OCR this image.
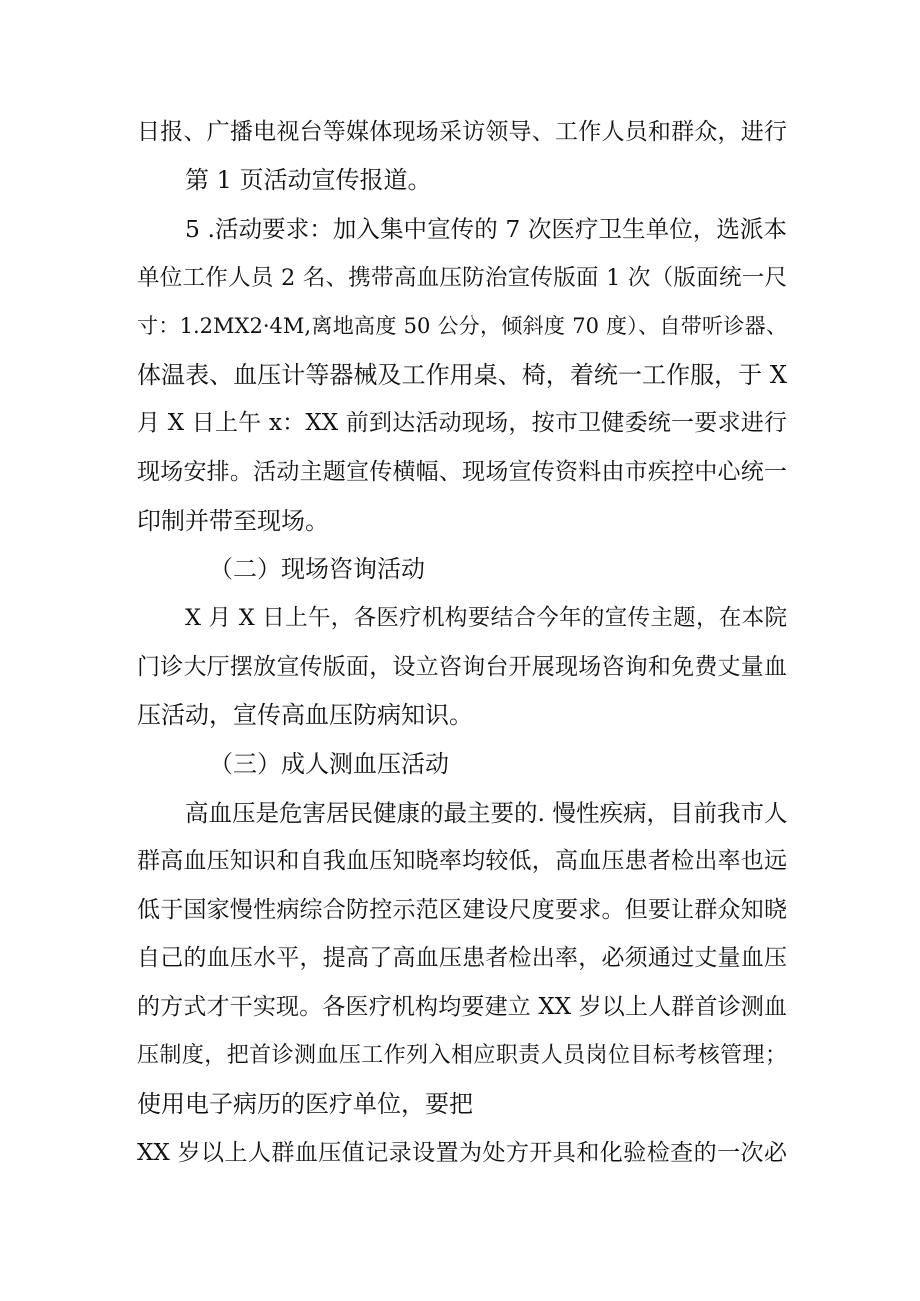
日报、广播电视台等媒体现场采访领导、工作人员和群众，进行
第 1 页活动宣传报道。
5 .活动要求：加入集中宣传的 7 次医疗卫生单位，选派本
单位工作人员 2 名、携带高血压防治宣传版面 1 次（版面统一尺
寸：1.2MX2·4M,离地高度 50 公分，倾斜度 70 度）、自带听诊器、
体温表、血压计等器械及工作用桌、椅，着统一工作服，于 X
月 X 日上午 x：XX 前到达活动现场，按市卫健委统一要求进行
现场安排。活动主题宣传横幅、现场宣传资料由市疾控中心统一
印制并带至现场。
（二）现场咨询活动
X 月 X 日上午，各医疗机构要结合今年的宣传主题，在本院
门诊大厅摆放宣传版面，设立咨询台开展现场咨询和免费丈量血
压活动，宣传高血压防病知识。
（三）成人测血压活动
高血压是危害居民健康的最主要的. 慢性疾病，目前我市人
群高血压知识和自我血压知晓率均较低，高血压患者检出率也远
低于国家慢性病综合防控示范区建设尺度要求。但要让群众知晓
自己的血压水平，提高了高血压患者检出率，必须通过丈量血压
的方式才干实现。各医疗机构均要建立 XX 岁以上人群首诊测血
压制度，把首诊测血压工作列入相应职责人员岗位目标考核管理；
使用电子病历的医疗单位，要把
XX 岁以上人群血压值记录设置为处方开具和化验检查的一次必
